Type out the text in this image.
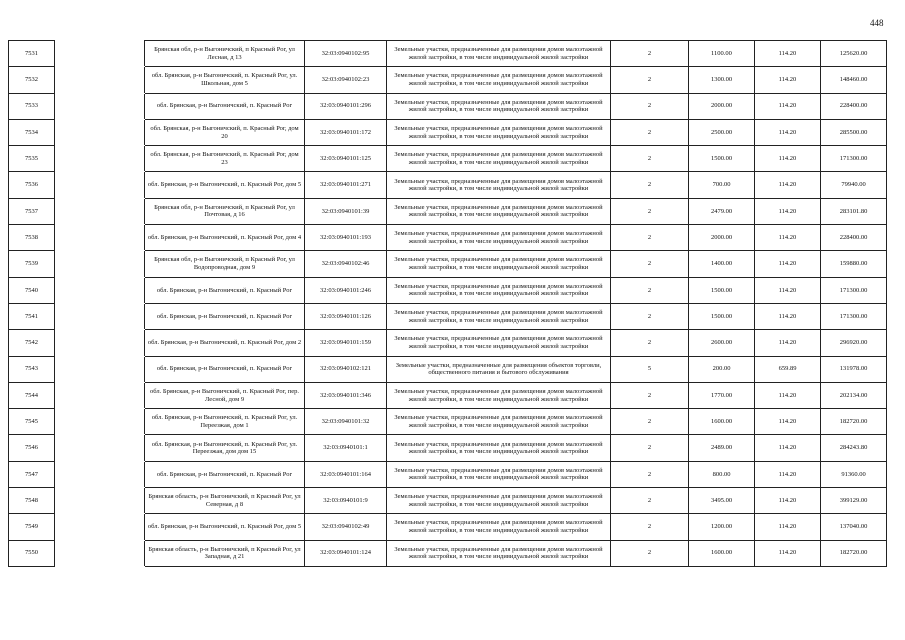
448
7531		Брянская обл, р-н Выгоничский, п Красный Рог, ул Лесная, д 13	32:03:0940102:95	Земельные участки, предназначенные для размещения домов малоэтажной жилой застройки, в том числе индивидуальной жилой застройки	2	1100.00	114.20	125620.00
7532		обл. Брянская, р-н Выгоничский, п. Красный Рог, ул. Школьная, дом 5	32:03:0940102:23	Земельные участки, предназначенные для размещения домов малоэтажной жилой застройки, в том числе индивидуальной жилой застройки	2	1300.00	114.20	148460.00
7533		обл. Брянская, р-н Выгоничский, п. Красный Рог	32:03:0940101:296	Земельные участки, предназначенные для размещения домов малоэтажной жилой застройки, в том числе индивидуальной жилой застройки	2	2000.00	114.20	228400.00
7534		обл. Брянская, р-н Выгоничский, п. Красный Рог, дом 20	32:03:0940101:172	Земельные участки, предназначенные для размещения домов малоэтажной жилой застройки, в том числе индивидуальной жилой застройки	2	2500.00	114.20	285500.00
7535		обл. Брянская, р-н Выгоничский, п. Красный Рог, дом 23	32:03:0940101:125	Земельные участки, предназначенные для размещения домов малоэтажной жилой застройки, в том числе индивидуальной жилой застройки	2	1500.00	114.20	171300.00
7536		обл. Брянская, р-н Выгоничский, п. Красный Рог, дом 5	32:03:0940101:271	Земельные участки, предназначенные для размещения домов малоэтажной жилой застройки, в том числе индивидуальной жилой застройки	2	700.00	114.20	79940.00
7537		Брянская обл, р-н Выгоничский, п Красный Рог, ул Почтовая, д 16	32:03:0940101:39	Земельные участки, предназначенные для размещения домов малоэтажной жилой застройки, в том числе индивидуальной жилой застройки	2	2479.00	114.20	283101.80
7538		обл. Брянская, р-н Выгоничский, п. Красный Рог, дом 4	32:03:0940101:193	Земельные участки, предназначенные для размещения домов малоэтажной жилой застройки, в том числе индивидуальной жилой застройки	2	2000.00	114.20	228400.00
7539		Брянская обл, р-н Выгоничский, п Красный Рог, ул Водопроводная, дом 9	32:03:0940102:46	Земельные участки, предназначенные для размещения домов малоэтажной жилой застройки, в том числе индивидуальной жилой застройки	2	1400.00	114.20	159880.00
7540		обл. Брянская, р-н Выгоничский, п. Красный Рог	32:03:0940101:246	Земельные участки, предназначенные для размещения домов малоэтажной жилой застройки, в том числе индивидуальной жилой застройки	2	1500.00	114.20	171300.00
7541		обл. Брянская, р-н Выгоничский, п. Красный Рог	32:03:0940101:126	Земельные участки, предназначенные для размещения домов малоэтажной жилой застройки, в том числе индивидуальной жилой застройки	2	1500.00	114.20	171300.00
7542		обл. Брянская, р-н Выгоничский, п. Красный Рог, дом 2	32:03:0940101:159	Земельные участки, предназначенные для размещения домов малоэтажной жилой застройки, в том числе индивидуальной жилой застройки	2	2600.00	114.20	296920.00
7543		обл. Брянская, р-н Выгоничский, п. Красный Рог	32:03:0940102:121	Земельные участки, предназначенные для размещения объектов торговли, общественного питания и бытового обслуживания	5	200.00	659.89	131978.00
7544		обл. Брянская, р-н Выгоничский, п. Красный Рог, пер. Лесной, дом 9	32:03:0940101:346	Земельные участки, предназначенные для размещения домов малоэтажной жилой застройки, в том числе индивидуальной жилой застройки	2	1770.00	114.20	202134.00
7545		обл. Брянская, р-н Выгоничский, п. Красный Рог, ул. Переезжая, дом 1	32:03:0940101:32	Земельные участки, предназначенные для размещения домов малоэтажной жилой застройки, в том числе индивидуальной жилой застройки	2	1600.00	114.20	182720.00
7546		обл. Брянская, р-н Выгоничский, п. Красный Рог, ул. Переезжая, дом дом 15	32:03:0940101:1	Земельные участки, предназначенные для размещения домов малоэтажной жилой застройки, в том числе индивидуальной жилой застройки	2	2489.00	114.20	284243.80
7547		обл. Брянская, р-н Выгоничский, п. Красный Рог	32:03:0940101:164	Земельные участки, предназначенные для размещения домов малоэтажной жилой застройки, в том числе индивидуальной жилой застройки	2	800.00	114.20	91360.00
7548		Брянская область, р-н Выгоничский, п Красный Рог, ул Северная, д 8	32:03:0940101:9	Земельные участки, предназначенные для размещения домов малоэтажной жилой застройки, в том числе индивидуальной жилой застройки	2	3495.00	114.20	399129.00
7549		обл. Брянская, р-н Выгоничский, п. Красный Рог, дом 5	32:03:0940102:49	Земельные участки, предназначенные для размещения домов малоэтажной жилой застройки, в том числе индивидуальной жилой застройки	2	1200.00	114.20	137040.00
7550		Брянская область, р-н Выгоничский, п Красный Рог, ул Западная, д 21	32:03:0940101:124	Земельные участки, предназначенные для размещения домов малоэтажной жилой застройки, в том числе индивидуальной жилой застройки	2	1600.00	114.20	182720.00
